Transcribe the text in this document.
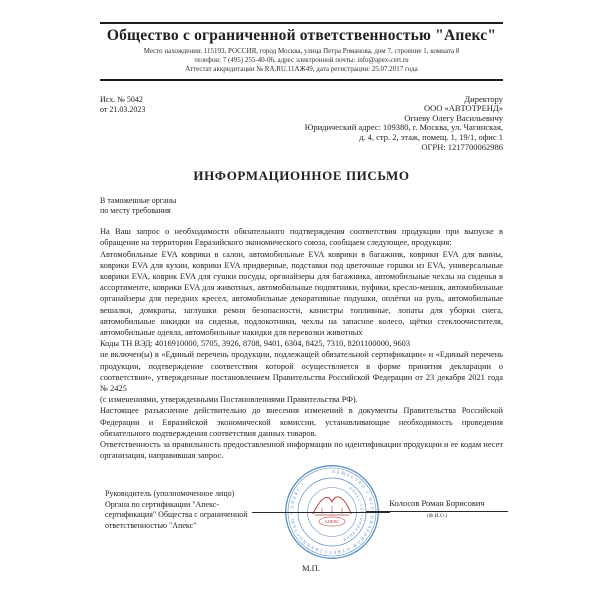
Общество с ограниченной ответственностью "Апекс"
Место нахождения: 115193, РОССИЯ, город Москва, улица Петра Романова, дом 7, строение 1, комната 8
телефон: 7 (495) 255-40-06, адрес электронной почты: info@apex-cert.ru
Аттестат аккредитации № RA.RU.11АЖ49, дата регистрации: 25.07.2017 года
Исх. № 5042
от 21.03.2023
Директору
ООО «АВТОТРЕНД»
Огневу Олегу Васильевичу
Юридический адрес: 109380, г. Москва, ул. Чагинская,
д. 4, стр. 2, этаж, помещ. 1, 19/1, офис 1
ОГРН: 1217700062986
ИНФОРМАЦИОННОЕ ПИСЬМО
В таможенные органы
по месту требования

На Ваш запрос о необходимости обязательного подтверждения соответствия продукции при выпуске в обращение на территории Евразийского экономического союза, сообщаем следующее, продукция:

Автомобильные EVA коврики в салон, автомобильные EVA коврики в багажник, коврики EVA для ванны, коврики EVA для кухни, коврики EVA придверные, подставки под цветочные горшки из EVA, универсальные коврики EVA, коврик EVA для сушки посуды, органайзеры для багажника, автомобильные чехлы на сиденья в ассортименте, коврики EVA для животных, автомобильные подпятники, пуфики, кресло-мешок, автомобильные органайзеры для передних кресел, автомобильные декоративные подушки, оплётки на руль, автомобильные вешалки, домкраты, заглушки ремня безопасности, канистры топливные, лопаты для уборки снега, автомобильные накидки на сиденья, подлокотники, чехлы на запасное колесо, щётки стеклоочистителя, автомобильные одеяла, автомобильные накидки для перевозки животных

Коды ТН ВЭД: 4016910000, 5705, 3926, 8708, 9401, 6304, 8425, 7310, 8201100000, 9603

не включен(ы) в «Единый перечень продукции, подлежащей обязательной сертификации» и «Единый перечень продукции, подтверждение соответствия которой осуществляется в форме принятия декларации о соответствии», утвержденные постановлением Правительства Российской Федерации от 23 декабря 2021 года № 2425

(с изменениями, утвержденными Постановлениями Правительства РФ).

Настоящее разъяснение действительно до внесения изменений в документы Правительства Российской Федерации и Евразийской экономической комиссии, устанавливающие необходимость проведения обязательного подтверждения соответствия данных товаров.

Ответственность за правильность предоставленной информации по идентификации продукции и ее кодам несет организация, направившая запрос.

Руководитель (уполномоченное лицо)
Органа по сертификации "Апекс-
сертификация" Общества с ограниченной
ответственностью "Апекс"
ОБЩЕСТВО С ОГРАНИЧЕННОЙ ОТВЕТСТВЕННОСТЬЮ • АПЕКС •
АПЕКС-СЕРТИФИКАЦИЯ
АПЕКС
Колосов Роман Борисович
(Ф.И.О.)
М.П.
